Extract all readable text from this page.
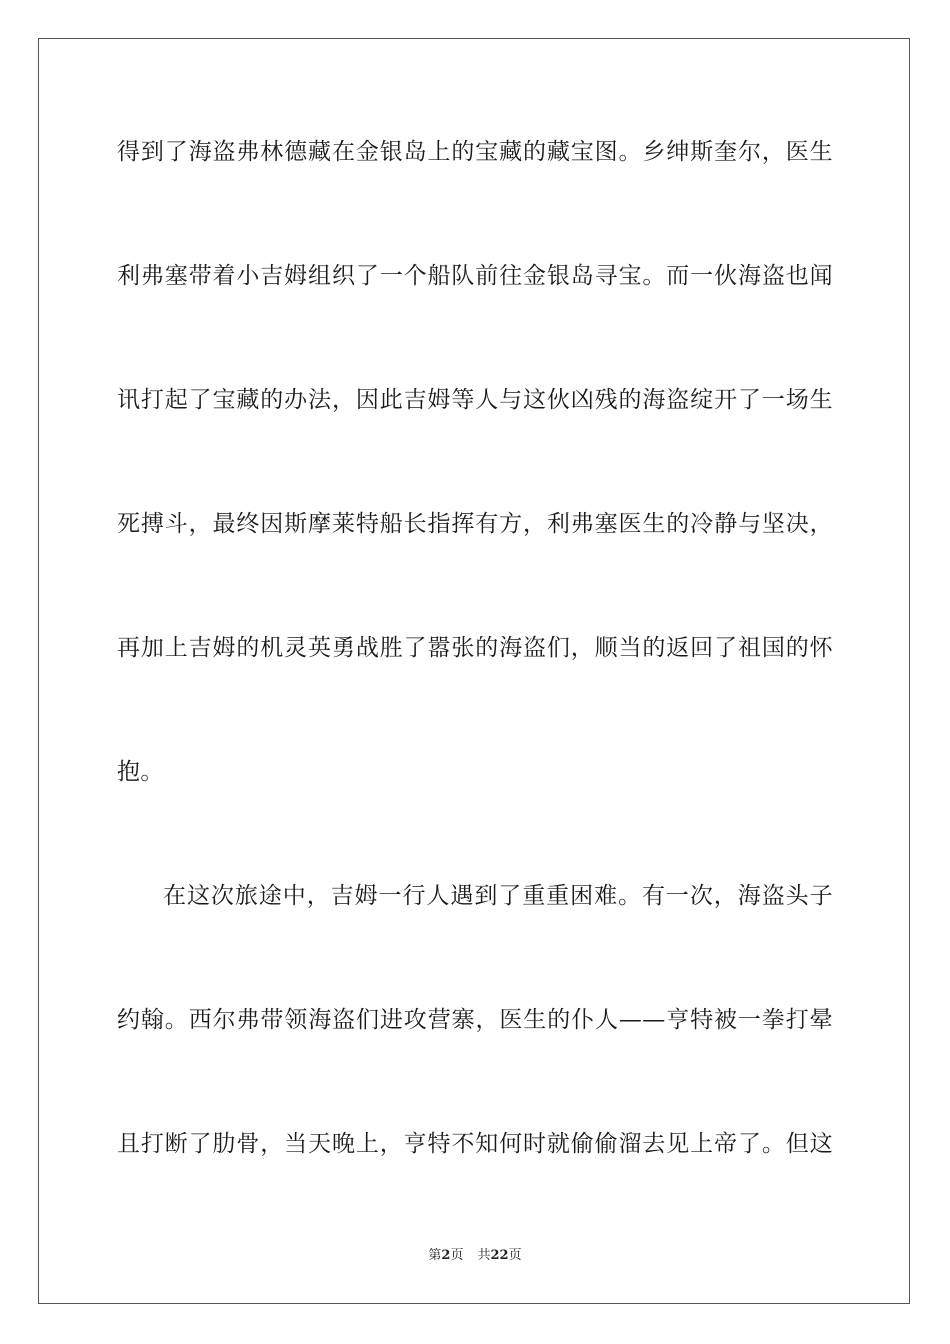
得到了海盗弗林德藏在金银岛上的宝藏的藏宝图。乡绅斯奎尔，医生
利弗塞带着小吉姆组织了一个船队前往金银岛寻宝。而一伙海盗也闻
讯打起了宝藏的办法，因此吉姆等人与这伙凶残的海盗绽开了一场生
死搏斗，最终因斯摩莱特船长指挥有方，利弗塞医生的冷静与坚决，
再加上吉姆的机灵英勇战胜了嚣张的海盗们，顺当的返回了祖国的怀
抱。
在这次旅途中，吉姆一行人遇到了重重困难。有一次，海盗头子
约翰。西尔弗带领海盗们进攻营寨，医生的仆人——亨特被一拳打晕
且打断了肋骨，当天晚上，亨特不知何时就偷偷溜去见上帝了。但这
第2页 共22页
